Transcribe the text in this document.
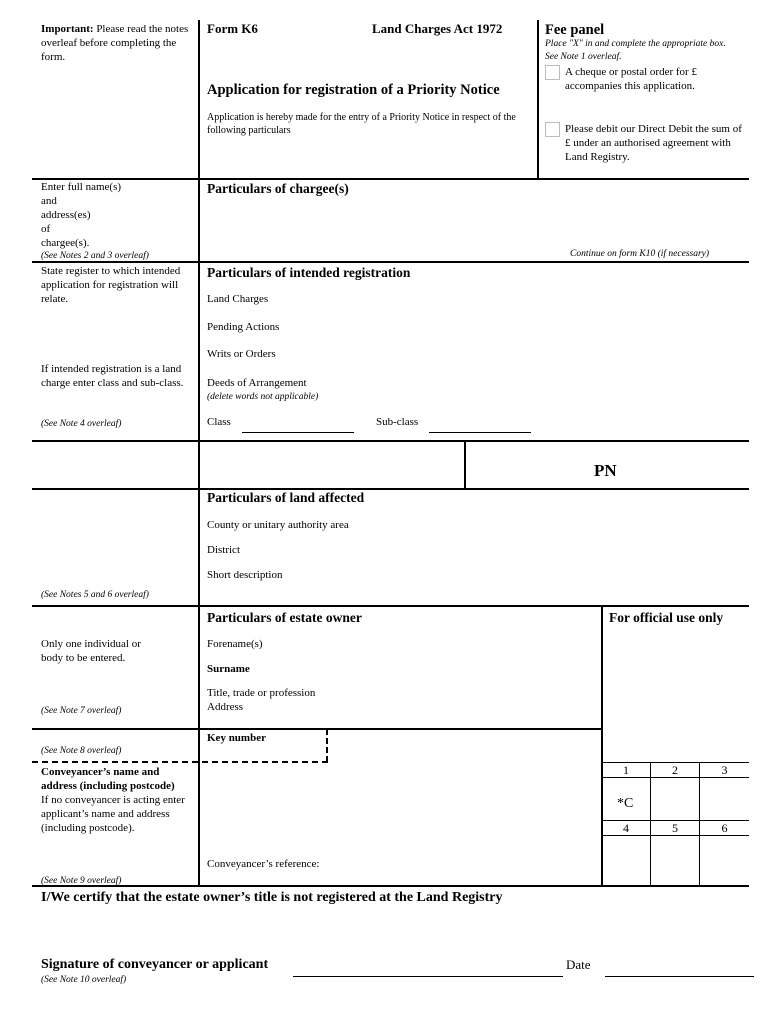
Important: Please read the notes overleaf before completing the form.
Enter full name(s)
and
address(es)
of
chargee(s).
(See Notes 2 and 3 overleaf)
State register to which intended application for registration will relate.
If intended registration is a land charge enter class and sub-class.
(See Note 4 overleaf)
(See Notes 5 and 6 overleaf)
Only one individual or body to be entered.
(See Note 7 overleaf)
(See Note 8 overleaf)
Conveyancer’s name and address (including postcode)
If no conveyancer is acting enter applicant’s name and address (including postcode).
(See Note 9 overleaf)
Form K6	Land Charges Act 1972
Application for registration of a Priority Notice
Application is hereby made for the entry of a Priority Notice in respect of the following particulars
Fee panel
Place "X" in and complete the appropriate box. See Note 1 overleaf.
A cheque or postal order for £ accompanies this application.
Please debit our Direct Debit the sum of £ under an authorised agreement with Land Registry.
Particulars of chargee(s)
Continue on form K10 (if necessary)
Particulars of intended registration
Land Charges
Pending Actions
Writs or Orders
Deeds of Arrangement
(delete words not applicable)
Class	Sub-class
PN
Particulars of land affected
County or unitary authority area
District
Short description
Particulars of estate owner
Forename(s)
Surname
Title, trade or profession
Address
For official use only
Key number
1	2	3
*C
4	5	6
Conveyancer’s reference:
I/We certify that the estate owner’s title is not registered at the Land Registry
Signature of conveyancer or applicant
(See Note 10 overleaf)
Date
